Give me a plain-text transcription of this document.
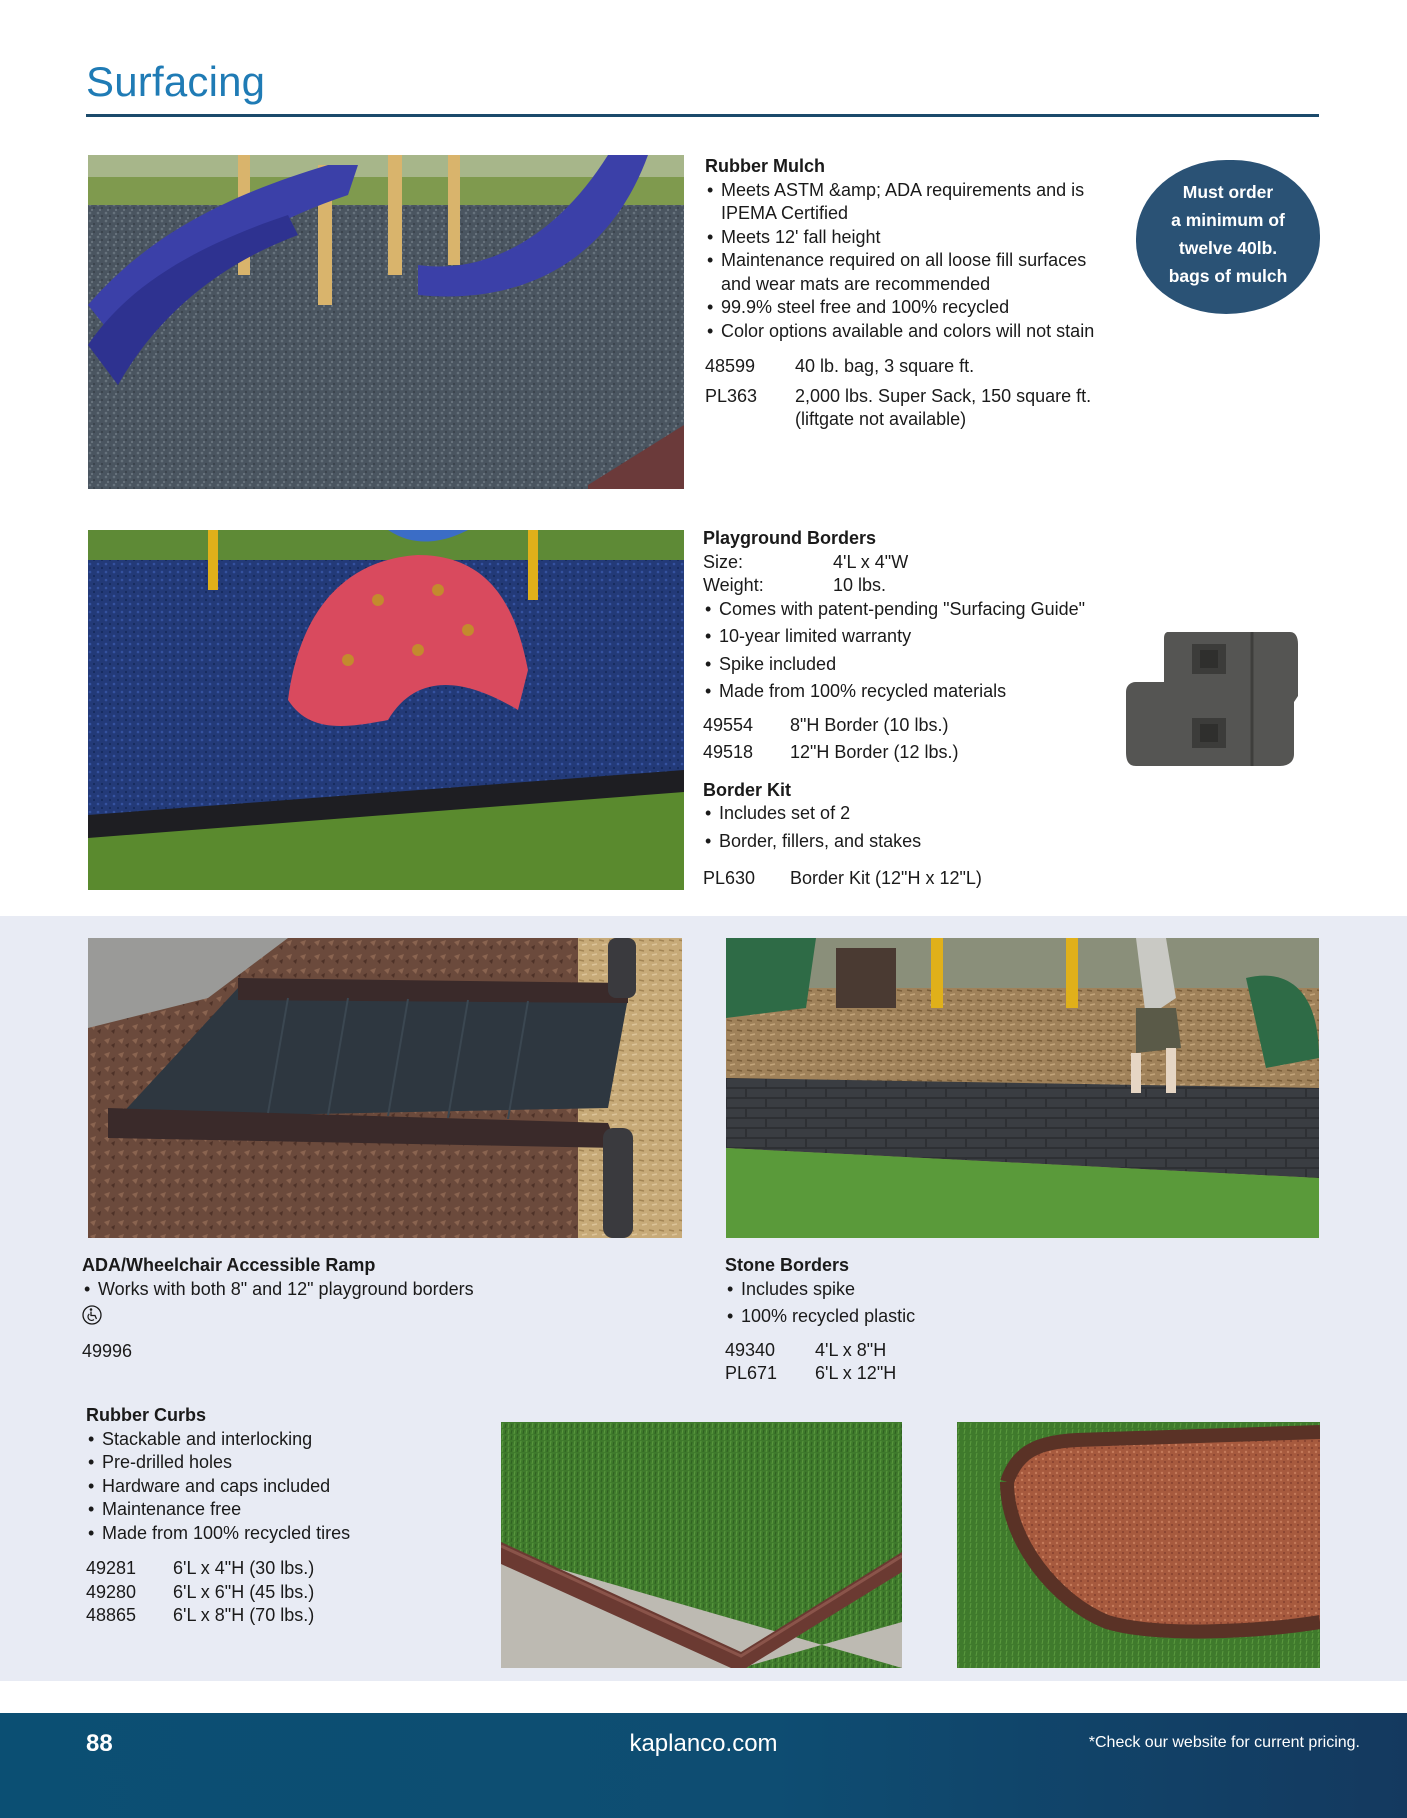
Surfacing
Rubber Mulch
• Meets ASTM &amp; ADA requirements and is IPEMA Certified
• Meets 12' fall height
• Maintenance required on all loose fill surfaces and wear mats are recommended
• 99.9% steel free and 100% recycled
• Color options available and colors will not stain
48599	40 lb. bag, 3 square ft.
PL363	2,000 lbs. Super Sack, 150 square ft. (liftgate not available)
Must order
a minimum of
twelve 40lb.
bags of mulch
Playground Borders
Size:	4'L x 4"W
Weight:	10 lbs.
• Comes with patent-pending "Surfacing Guide"
• 10-year limited warranty
• Spike included
• Made from 100% recycled materials
49554	8"H Border (10 lbs.)
49518	12"H Border (12 lbs.)
Border Kit
• Includes set of 2
• Border, fillers, and stakes
PL630	Border Kit (12"H x 12"L)
ADA/Wheelchair Accessible Ramp
• Works with both 8" and 12" playground borders
49996
Stone Borders
• Includes spike
• 100% recycled plastic
49340	4'L x 8"H
PL671	6'L x 12"H
Rubber Curbs
• Stackable and interlocking
• Pre-drilled holes
• Hardware and caps included
• Maintenance free
• Made from 100% recycled tires
49281	6'L x 4"H (30 lbs.)
49280	6'L x 6"H (45 lbs.)
48865	6'L x 8"H (70 lbs.)
88	kaplanco.com	*Check our website for current pricing.
